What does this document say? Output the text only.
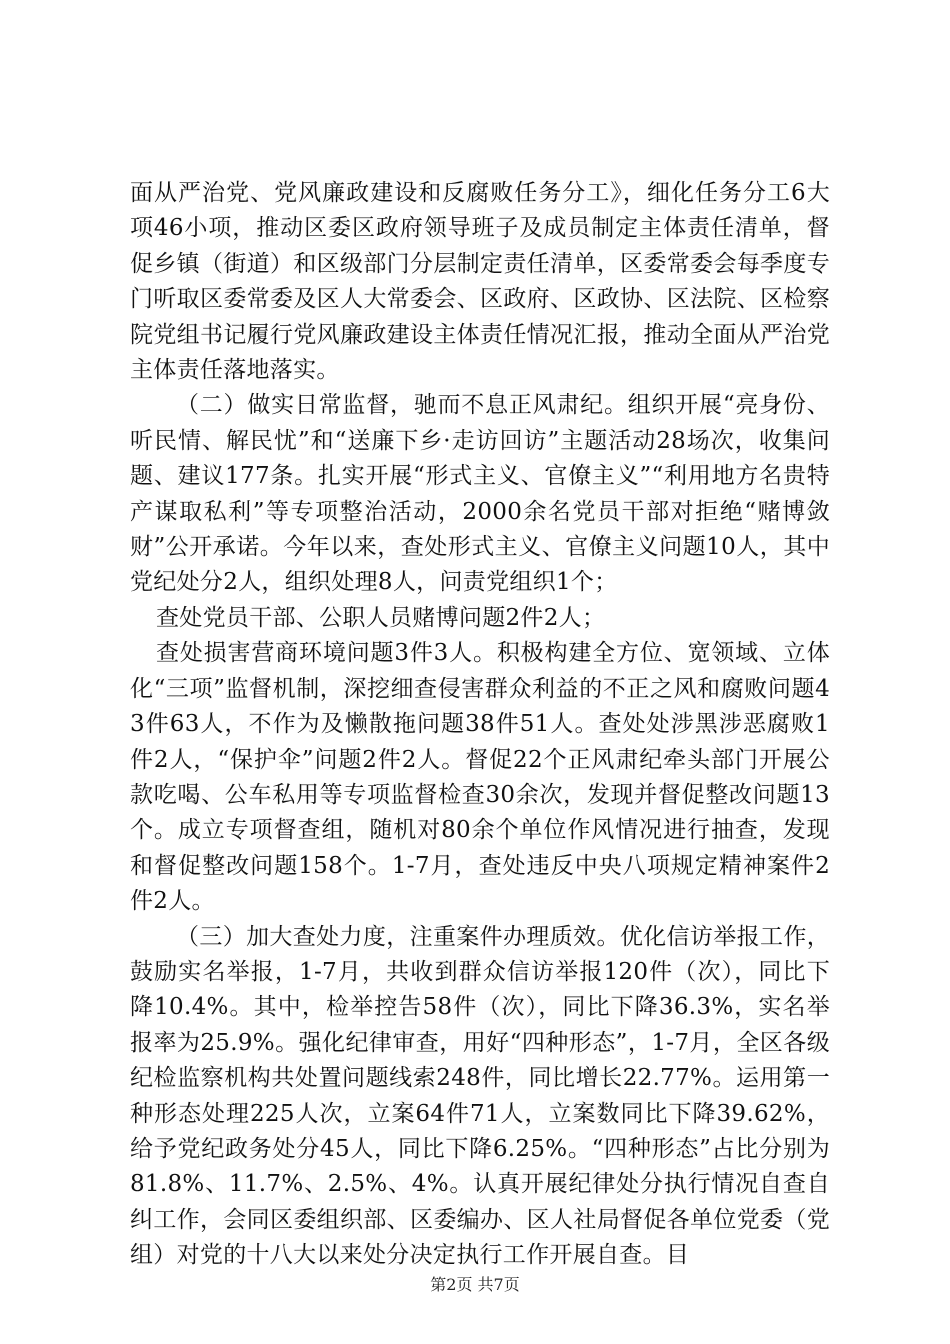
面从严治党、党风廉政建设和反腐败任务分工》，细化任务分工6大项46小项，推动区委区政府领导班子及成员制定主体责任清单，督促乡镇（街道）和区级部门分层制定责任清单，区委常委会每季度专门听取区委常委及区人大常委会、区政府、区政协、区法院、区检察院党组书记履行党风廉政建设主体责任情况汇报，推动全面从严治党主体责任落地落实。

（二）做实日常监督，驰而不息正风肃纪。组织开展“亮身份、听民情、解民忧”和“送廉下乡·走访回访”主题活动28场次，收集问题、建议177条。扎实开展“形式主义、官僚主义”“利用地方名贵特产谋取私利”等专项整治活动，2000余名党员干部对拒绝“赌博敛财”公开承诺。今年以来，查处形式主义、官僚主义问题10人，其中党纪处分2人，组织处理8人，问责党组织1个；

查处党员干部、公职人员赌博问题2件2人；

查处损害营商环境问题3件3人。积极构建全方位、宽领域、立体化“三项”监督机制，深挖细查侵害群众利益的不正之风和腐败问题43件63人，不作为及懒散拖问题38件51人。查处处涉黑涉恶腐败1件2人，“保护伞”问题2件2人。督促22个正风肃纪牵头部门开展公款吃喝、公车私用等专项监督检查30余次，发现并督促整改问题13个。成立专项督查组，随机对80余个单位作风情况进行抽查，发现和督促整改问题158个。1-7月，查处违反中央八项规定精神案件2件2人。

（三）加大查处力度，注重案件办理质效。优化信访举报工作，鼓励实名举报，1-7月，共收到群众信访举报120件（次），同比下降10.4%。其中，检举控告58件（次），同比下降36.3%，实名举报率为25.9%。强化纪律审查，用好“四种形态”，1-7月，全区各级纪检监察机构共处置问题线索248件，同比增长22.77%。运用第一种形态处理225人次，立案64件71人，立案数同比下降39.62%，给予党纪政务处分45人，同比下降6.25%。“四种形态”占比分别为81.8%、11.7%、2.5%、4%。认真开展纪律处分执行情况自查自纠工作，会同区委组织部、区委编办、区人社局督促各单位党委（党组）对党的十八大以来处分决定执行工作开展自查。目

第2页 共7页
